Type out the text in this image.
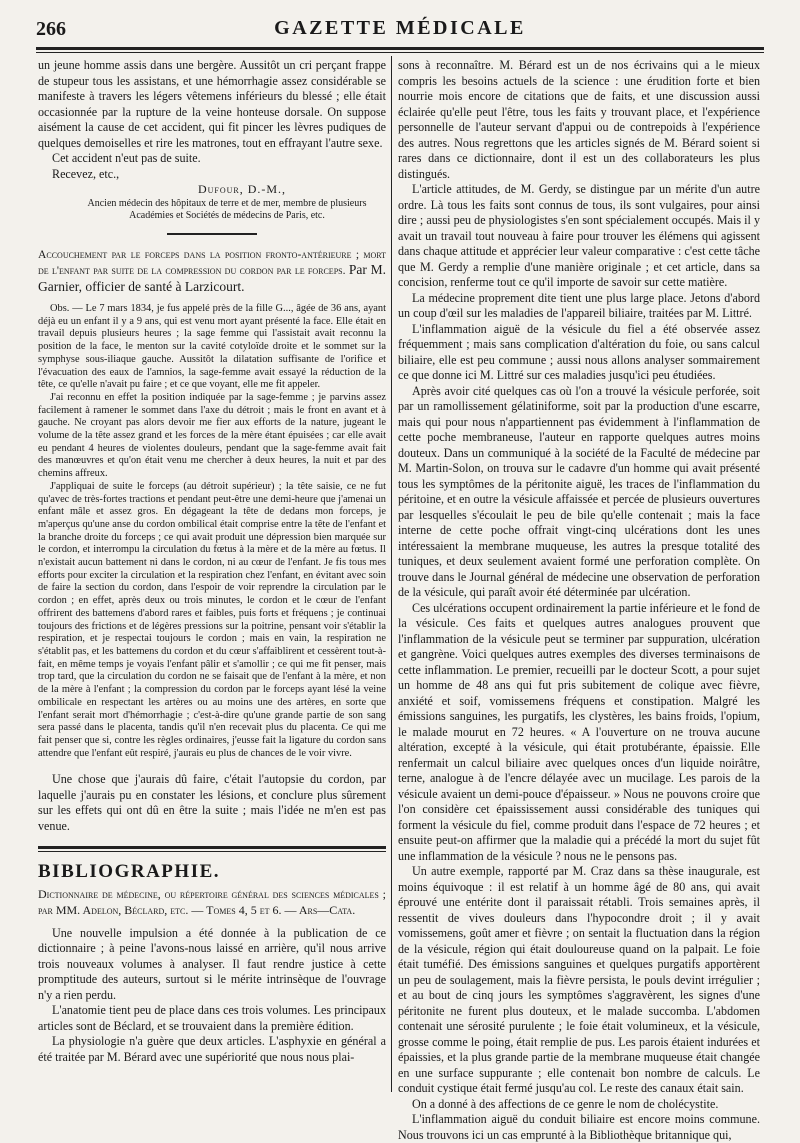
266	GAZETTE MÉDICALE

un jeune homme assis dans une bergère. Aussitôt un cri perçant frappe de stupeur tous les assistans, et une hémorrhagie assez considérable se manifeste à travers les légers vêtemens inférieurs du blessé ; elle était occasionnée par la rupture de la veine honteuse dorsale. On suppose aisément la cause de cet accident, qui fit pincer les lèvres pudiques de quelques demoiselles et rire les matrones, tout en effrayant l'autre sexe.

Cet accident n'eut pas de suite.

Recevez, etc.,

Dufour, D.-M.,
Ancien médecin des hôpitaux de terre et de mer, membre de plusieurs Académies et Sociétés de médecins de Paris, etc.
Accouchement par le forceps dans la position fronto-antérieure ; mort de l'enfant par suite de la compression du cordon par le forceps. Par M. Garnier, officier de santé à Larzicourt.

Obs. — Le 7 mars 1834, je fus appelé près de la fille G..., âgée de 36 ans, ayant déjà eu un enfant il y a 9 ans, qui est venu mort ayant présenté la face. Elle était en travail depuis plusieurs heures ; la sage femme qui l'assistait avait reconnu la position de la face, le menton sur la cavité cotyloïde droite et le sommet sur la symphyse sous-iliaque gauche. Aussitôt la dilatation suffisante de l'orifice et l'évacuation des eaux de l'amnios, la sage-femme avait essayé la réduction de la tête, ce qu'elle n'avait pu faire ; et ce que voyant, elle me fit appeler.

J'ai reconnu en effet la position indiquée par la sage-femme ; je parvins assez facilement à ramener le sommet dans l'axe du détroit ; mais le front en avant et à gauche. Ne croyant pas alors devoir me fier aux efforts de la nature, jugeant le volume de la tête assez grand et les forces de la mère étant épuisées ; car elle avait eu pendant 4 heures de violentes douleurs, pendant que la sage-femme avait fait des manœuvres et qu'on était venu me chercher à deux heures, la nuit et par des chemins affreux.

J'appliquai de suite le forceps (au détroit supérieur) ; la tête saisie, ce ne fut qu'avec de très-fortes tractions et pendant peut-être une demi-heure que j'amenai un enfant mâle et assez gros. En dégageant la tête de dedans mon forceps, je m'aperçus qu'une anse du cordon ombilical était comprise entre la tête de l'enfant et la branche droite du forceps ; ce qui avait produit une dépression bien marquée sur le cordon, et interrompu la circulation du fœtus à la mère et de la mère au fœtus. Il n'existait aucun battement ni dans le cordon, ni au cœur de l'enfant. Je fis tous mes efforts pour exciter la circulation et la respiration chez l'enfant, en évitant avec soin de faire la section du cordon, dans l'espoir de voir reprendre la circulation par le cordon ; en effet, après deux ou trois minutes, le cordon et le cœur de l'enfant offrirent des battemens d'abord rares et faibles, puis forts et fréquens ; je continuai toujours des frictions et de légères pressions sur la poitrine, pensant voir s'établir la respiration, et je respectai toujours le cordon ; mais en vain, la respiration ne s'établit pas, et les battemens du cordon et du cœur s'affaiblirent et cessèrent tout-à-fait, en même temps je voyais l'enfant pâlir et s'amollir ; ce qui me fit penser, mais trop tard, que la circulation du cordon ne se faisait que de l'enfant à la mère, et non de la mère à l'enfant ; la compression du cordon par le forceps ayant lésé la veine ombilicale en respectant les artères ou au moins une des artères, en sorte que l'enfant serait mort d'hémorrhagie ; c'est-à-dire qu'une grande partie de son sang sera passé dans le placenta, tandis qu'il n'en recevait plus du placenta. Ce qui me fait penser que si, contre les règles ordinaires, j'eusse fait la ligature du cordon sans attendre que l'enfant eût respiré, j'aurais eu plus de chances de le voir vivre.

Une chose que j'aurais dû faire, c'était l'autopsie du cordon, par laquelle j'aurais pu en constater les lésions, et conclure plus sûrement sur les effets qui ont dû en être la suite ; mais l'idée ne m'en est pas venue.

BIBLIOGRAPHIE.
Dictionnaire de médecine, ou répertoire général des sciences médicales ; par MM. Adelon, Béclard, etc. — Tomes 4, 5 et 6. — Ars—Cata.

Une nouvelle impulsion a été donnée à la publication de ce dictionnaire ; à peine l'avons-nous laissé en arrière, qu'il nous arrive trois nouveaux volumes à analyser. Il faut rendre justice à cette promptitude des auteurs, surtout si le mérite intrinsèque de l'ouvrage n'y a rien perdu.

L'anatomie tient peu de place dans ces trois volumes. Les principaux articles sont de Béclard, et se trouvaient dans la première édition.

La physiologie n'a guère que deux articles. L'asphyxie en général a été traitée par M. Bérard avec une supériorité que nous nous plai-

sons à reconnaître. M. Bérard est un de nos écrivains qui a le mieux compris les besoins actuels de la science : une érudition forte et bien nourrie mois encore de citations que de faits, et une discussion aussi éclairée qu'elle peut l'être, tous les faits y trouvant place, et l'expérience personnelle de l'auteur servant d'appui ou de contrepoids à l'expérience des autres. Nous regrettons que les articles signés de M. Bérard soient si rares dans ce dictionnaire, dont il est un des collaborateurs les plus distingués.

L'article attitudes, de M. Gerdy, se distingue par un mérite d'un autre ordre. Là tous les faits sont connus de tous, ils sont vulgaires, pour ainsi dire ; aussi peu de physiologistes s'en sont spécialement occupés. Mais il y avait un travail tout nouveau à faire pour trouver les élémens qui agissent dans chaque attitude et apprécier leur valeur comparative : c'est cette tâche que M. Gerdy a remplie d'une manière originale ; et cet article, dans sa concision, renferme tout ce qu'il importe de savoir sur cette matière.

La médecine proprement dite tient une plus large place. Jetons d'abord un coup d'œil sur les maladies de l'appareil biliaire, traitées par M. Littré.

L'inflammation aiguë de la vésicule du fiel a été observée assez fréquemment ; mais sans complication d'altération du foie, ou sans calcul biliaire, elle est peu commune ; aussi nous allons analyser sommairement ce que donne ici M. Littré sur ces maladies jusqu'ici peu étudiées.

Après avoir cité quelques cas où l'on a trouvé la vésicule perforée, soit par un ramollissement gélatiniforme, soit par la production d'une escarre, mais qui pour nous n'appartiennent pas évidemment à l'inflammation de cette poche membraneuse, l'auteur en rapporte quelques autres moins douteux. Dans un communiqué à la société de la Faculté de médecine par M. Martin-Solon, on trouva sur le cadavre d'un homme qui avait présenté tous les symptômes de la péritonite aiguë, les traces de l'inflammation du péritoine, et en outre la vésicule affaissée et percée de plusieurs ouvertures par lesquelles s'écoulait le peu de bile qu'elle contenait ; mais la face interne de cette poche offrait vingt-cinq ulcérations dont les unes intéressaient la membrane muqueuse, les autres la presque totalité des tuniques, et deux seulement avaient formé une perforation complète. On trouve dans le Journal général de médecine une observation de perforation de la vésicule, qui paraît avoir été déterminée par ulcération.

Ces ulcérations occupent ordinairement la partie inférieure et le fond de la vésicule. Ces faits et quelques autres analogues prouvent que l'inflammation de la vésicule peut se terminer par suppuration, ulcération et gangrène. Voici quelques autres exemples des diverses terminaisons de cette inflammation. Le premier, recueilli par le docteur Scott, a pour sujet un homme de 48 ans qui fut pris subitement de colique avec fièvre, anxiété et soif, vomissemens fréquens et constipation. Malgré les émissions sanguines, les purgatifs, les clystères, les bains froids, l'opium, le malade mourut en 72 heures. « A l'ouverture on ne trouva aucune altération, excepté à la vésicule, qui était protubérante, épaissie. Elle renfermait un calcul biliaire avec quelques onces d'un liquide noirâtre, terne, analogue à de l'encre délayée avec un mucilage. Les parois de la vésicule avaient un demi-pouce d'épaisseur. » Nous ne pouvons croire que l'on considère cet épaississement aussi considérable des tuniques qui forment la vésicule du fiel, comme produit dans l'espace de 72 heures ; et ensuite peut-on affirmer que la maladie qui a précédé la mort du sujet fût une inflammation de la vésicule ? nous ne le pensons pas.

Un autre exemple, rapporté par M. Craz dans sa thèse inaugurale, est moins équivoque : il est relatif à un homme âgé de 80 ans, qui avait éprouvé une entérite dont il paraissait rétabli. Trois semaines après, il ressentit de vives douleurs dans l'hypocondre droit ; il y avait vomissemens, goût amer et fièvre ; on sentait la fluctuation dans la région de la vésicule, région qui était douloureuse quand on la palpait. Le foie était tuméfié. Des émissions sanguines et quelques purgatifs apportèrent un peu de soulagement, mais la fièvre persista, le pouls devint irrégulier ; et au bout de cinq jours les symptômes s'aggravèrent, les signes d'une péritonite ne furent plus douteux, et le malade succomba. L'abdomen contenait une sérosité purulente ; le foie était volumineux, et la vésicule, grosse comme le poing, était remplie de pus. Les parois étaient indurées et épaissies, et la plus grande partie de la membrane muqueuse était changée en une surface suppurante ; elle contenait bon nombre de calculs. Le conduit cystique était fermé jusqu'au col. Le reste des canaux était sain.

On a donné à des affections de ce genre le nom de cholécystite.

L'inflammation aiguë du conduit biliaire est encore moins commune. Nous trouvons ici un cas emprunté à la Bibliothèque britannique qui,
